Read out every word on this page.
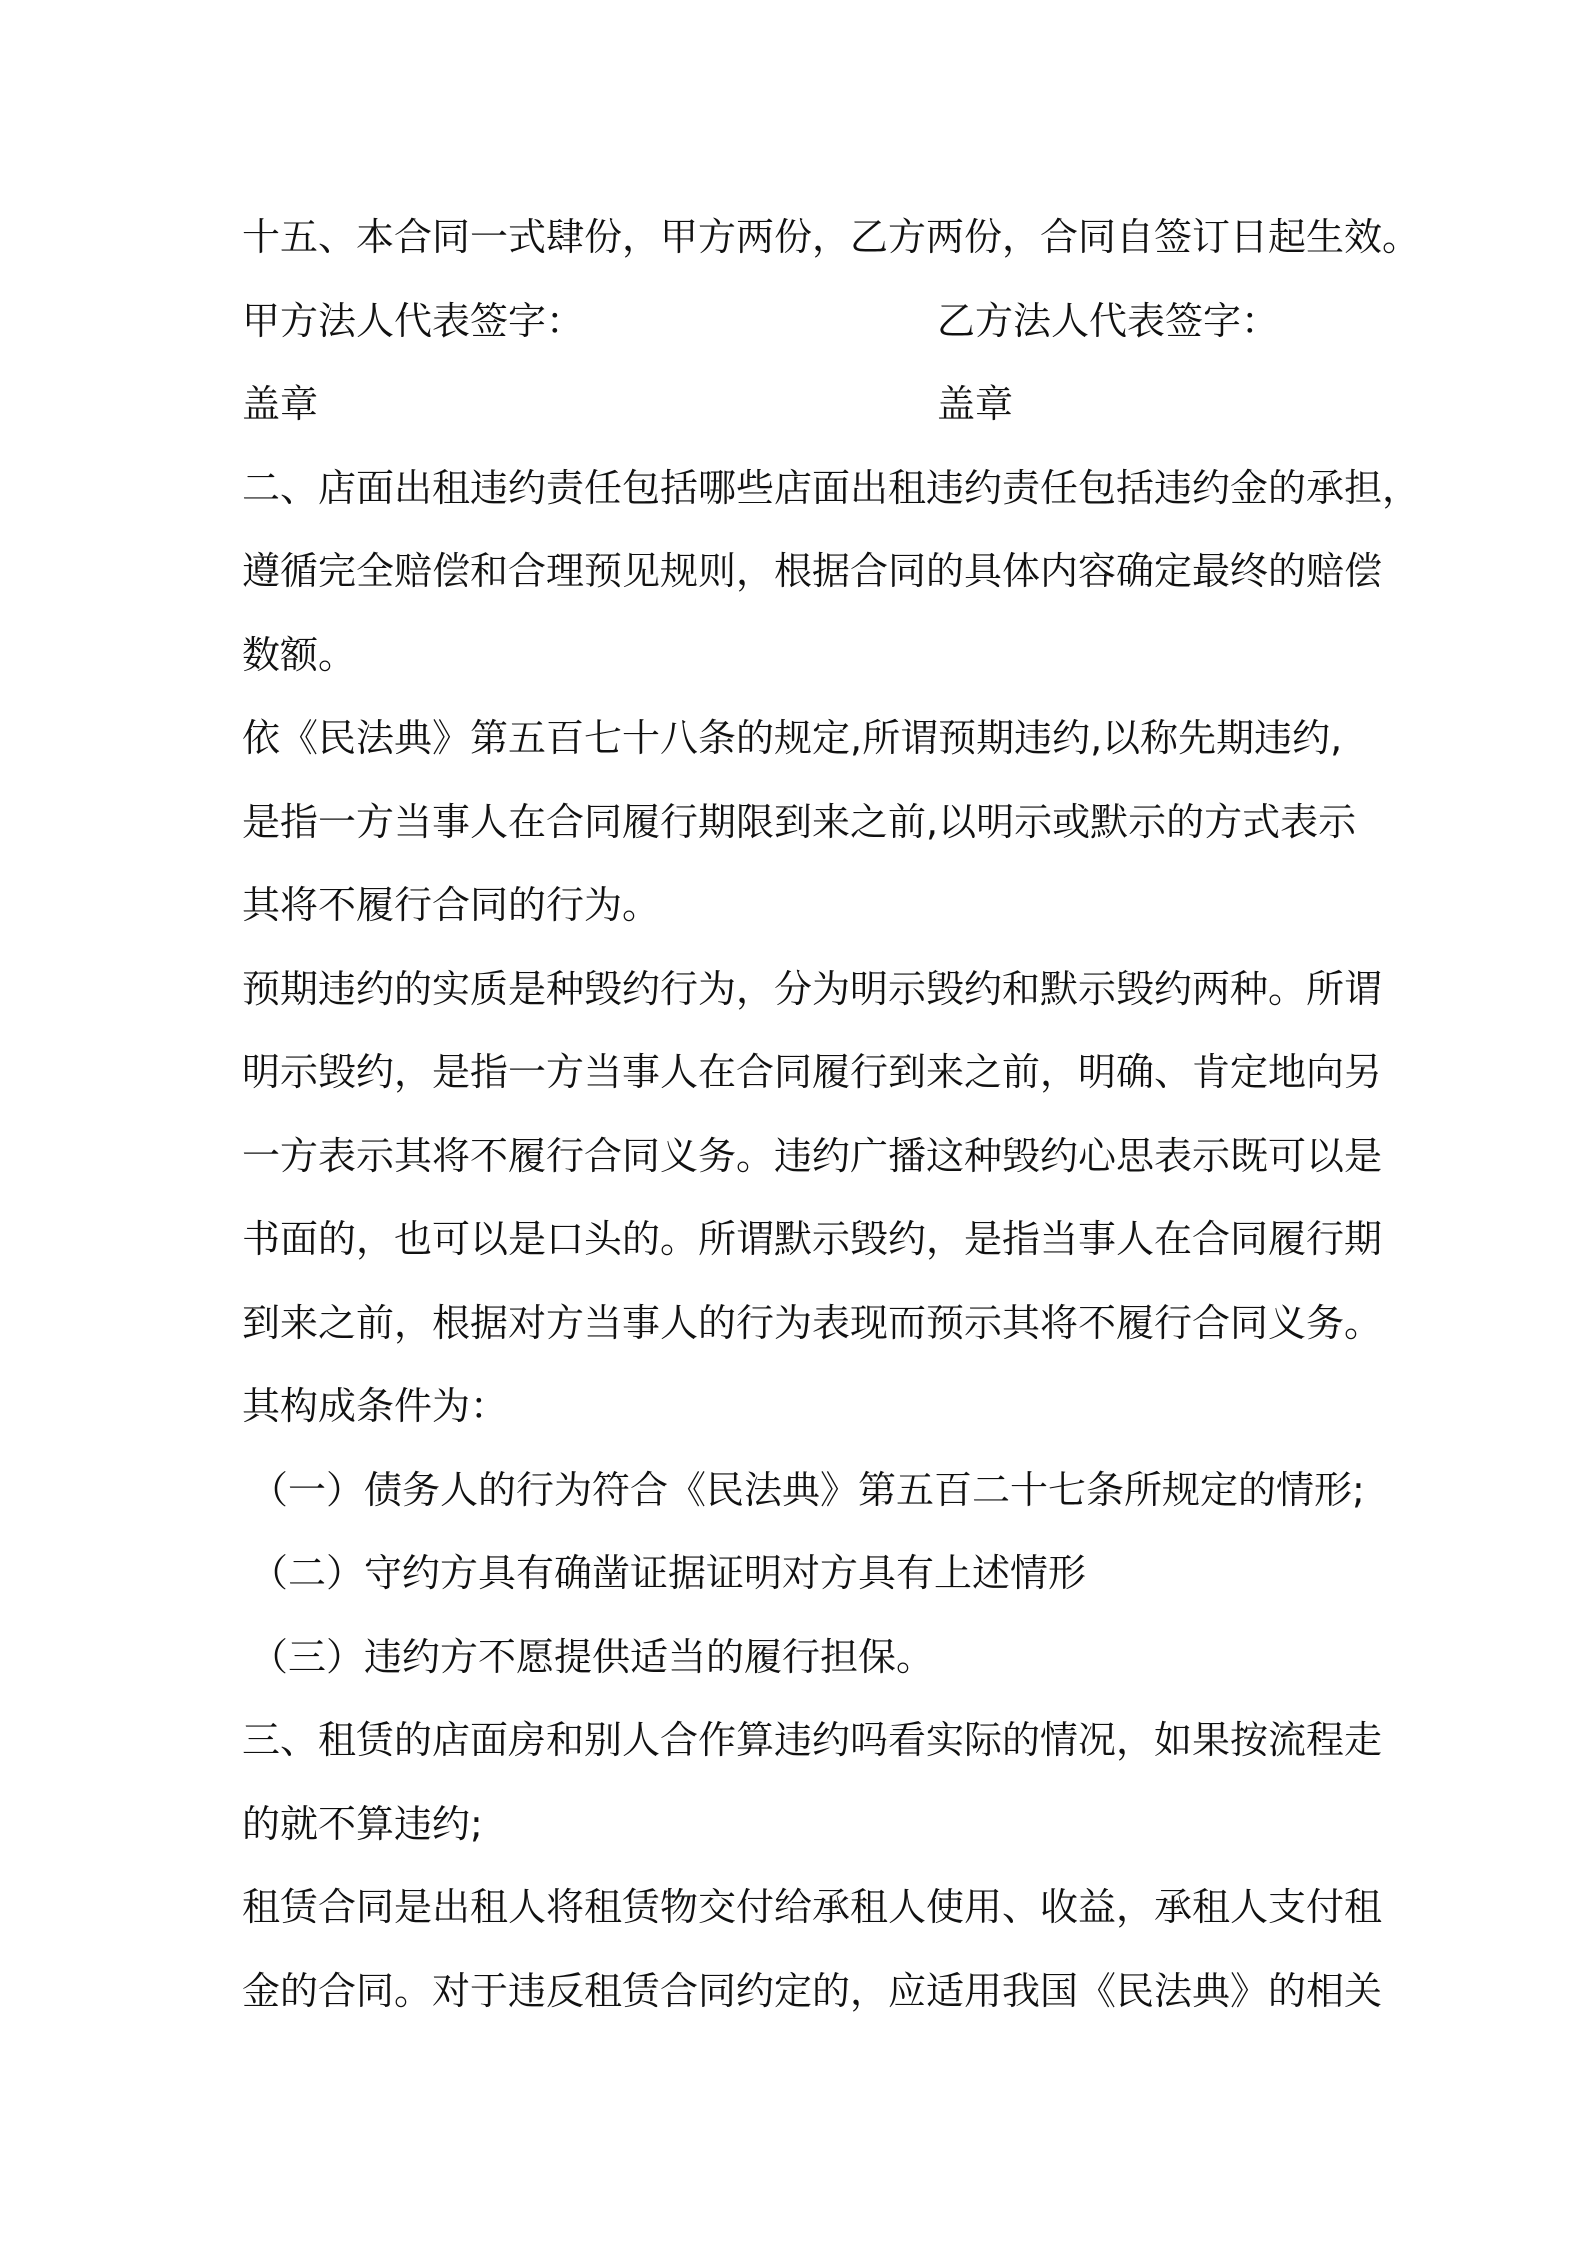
十五、本合同一式肆份，甲方两份，乙方两份，合同自签订日起生效。

甲方法人代表签字：	乙方法人代表签字：
盖章	盖章

二、店面出租违约责任包括哪些店面出租违约责任包括违约金的承担，

遵循完全赔偿和合理预见规则，根据合同的具体内容确定最终的赔偿

数额。

依《民法典》第五百七十八条的规定,所谓预期违约,以称先期违约,

是指一方当事人在合同履行期限到来之前,以明示或默示的方式表示

其将不履行合同的行为。

预期违约的实质是种毁约行为，分为明示毁约和默示毁约两种。所谓

明示毁约，是指一方当事人在合同履行到来之前，明确、肯定地向另

一方表示其将不履行合同义务。违约广播这种毁约心思表示既可以是

书面的，也可以是口头的。所谓默示毁约，是指当事人在合同履行期

到来之前，根据对方当事人的行为表现而预示其将不履行合同义务。

其构成条件为：

（一）债务人的行为符合《民法典》第五百二十七条所规定的情形;

（二）守约方具有确凿证据证明对方具有上述情形

（三）违约方不愿提供适当的履行担保。

三、租赁的店面房和别人合作算违约吗看实际的情况，如果按流程走

的就不算违约;

租赁合同是出租人将租赁物交付给承租人使用、收益，承租人支付租

金的合同。对于违反租赁合同约定的，应适用我国《民法典》的相关
